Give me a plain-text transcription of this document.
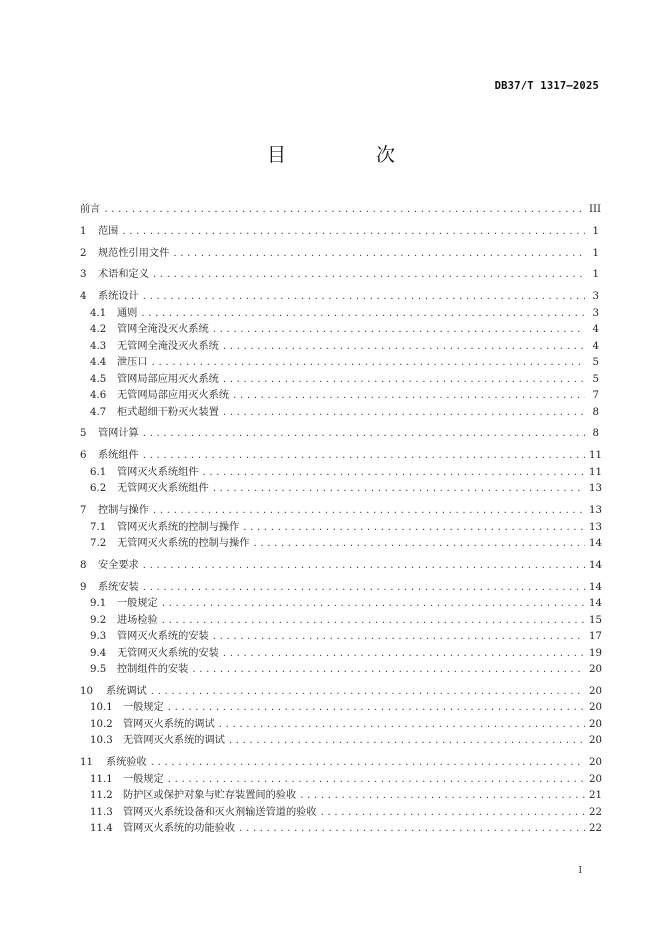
DB37/T 1317—2025
目 次
前言 . . .	III
1	范围 . . .	1
2	规范性引用文件 . . .	1
3	术语和定义 . . .	1
4	系统设计 . . .	3
4.1	通则 . . .	3
4.2	管网全淹没灭火系统 . . .	4
4.3	无管网全淹没灭火系统 . . .	4
4.4	泄压口 . . .	5
4.5	管网局部应用灭火系统 . . .	5
4.6	无管网局部应用灭火系统 . . .	7
4.7	柜式超细干粉灭火装置 . . .	8
5	管网计算 . . .	8
6	系统组件 . . .	11
6.1	管网灭火系统组件 . . .	11
6.2	无管网灭火系统组件 . . .	13
7	控制与操作 . . .	13
7.1	管网灭火系统的控制与操作 . . .	13
7.2	无管网灭火系统的控制与操作 . . .	14
8	安全要求 . . .	14
9	系统安装 . . .	14
9.1	一般规定 . . .	14
9.2	进场检验 . . .	15
9.3	管网灭火系统的安装 . . .	17
9.4	无管网灭火系统的安装 . . .	19
9.5	控制组件的安装 . . .	20
10	系统调试 . . .	20
10.1	一般规定 . . .	20
10.2	管网灭火系统的调试 . . .	20
10.3	无管网灭火系统的调试 . . .	20
11	系统验收 . . .	20
11.1	一般规定 . . .	20
11.2	防护区或保护对象与贮存装置间的验收 . . .	21
11.3	管网灭火系统设备和灭火剂输送管道的验收 . . .	22
11.4	管网灭火系统的功能验收 . . .	22
I
